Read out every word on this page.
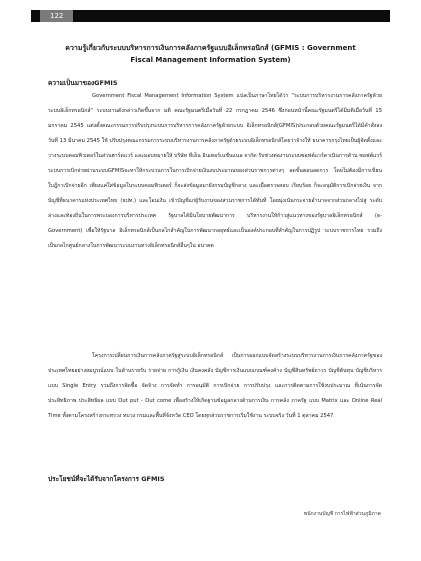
122
ความรู้เกี่ยวกับระบบบริหารการเงินการคลังภาครัฐแบบอิเล็กทรอนิกส์ (GFMIS : Government
Fiscal Management Information System)
ความเป็นมาของGFMIS
Government Fiscal Management Information System แปลเป็นภาษาไทยได้ว่า “ระบบการบริหารงานการคลังภาครัฐด้วยระบบอิเล็กทรอนิกส์” ระบบงานดังกล่าวเกิดขึ้นจาก มติ คณะรัฐมนตรีเมื่อวันที่ 22 กรกฎาคม 2546 ซึ่งก่อนหน้านี้คณะรัฐมนตรีได้มีมติเมื่อวันที่ 15 มกราคม 2545 แต่งตั้งคณะกรรมการปรับปรุงระบบการบริหารการคลังภาครัฐด้วยระบบ อิเล็กทรอนิกส์(GFMIS)ประกอบด้วยคณะรัฐมนตรีได้มีคำสั่งลงวันที่ 13 มีนาคม 2545 ให้ ปรับปรุงคณะกรรมการระบบบริหารงานการคลังภาครัฐด้วยระบบอิเล็กทรอนิกส์โดยว่าจ้างให้ ธนาคารกรุงไทยเป็นผู้จัดตั้งและวางระบบคอมพิวเตอร์ในส่วนฮาร์ดแวร์ และมอบหมายให้ บริษัท ทีเอ็น อินเตอร์เนชั่นแนล จากัด รับช่วงต่องานระบบซอฟต์แวร์ดาเนินการด้าน ซอฟต์แวร์ ระบบการเบิกจ่ายผ่านระบบGFMISจะทาให้กระบวนการในการเบิกจ่ายเงินงบประมาณของส่วนราชการต่างๆ ลดขั้นตอนลดการ โดยไม่ต้องมีการเขียนใบฎีกาเบิกจ่ายอีก เพียงแค่ใส่ข้อมูลในระบบคอมพิวเตอร์ ก็จะส่งข้อมูลมายังกรมบัญชีกลาง และเมื่อตรวจสอบ เรียบร้อย ก็จะอนุมัติการเบิกจ่ายเงิน จากบัญชีที่ธนาคารแห่งประเทศไทย (ธปท.) และโอนเงิน เข้าบัญชีแก่ผู้รับงานของส่วนราชการได้ทันที โดยมุ่งเน้นกระจายอำนาจจากส่วนกลางไปสู่ ระดับล่างและท้องถิ่นในการพระบองการบริหารประเทศ รัฐบาลได้มีนโยบายพัฒนาการ บริหารงานให้ก้าวสู่แนวทางของรัฐบาลอิเล็กทรอนิกส์ (e-Government) เพื่อให้รัฐบาล อิเล็กทรอนิกส์เป็นกลไกสำคัญในการพัฒนากลยุทธ์และเป็นองค์ประกอบที่สำคัญในการปฏิรูป ระบบราชการไทย รวมถึงเป็นกลไกศูนย์กลางในการพัฒนาระบบงานทางอิเล็กทรอนิกส์อื่นๆใน อนาคต
โครงการเปลี่ยนการเงินการคลังภาครัฐสู่ระบบอิเล็กทรอนิกส์ เป็นการออกแบบจัดสร้างระบบบริหารงานการเงินการคลังภาครัฐของประเทศไทยอย่างสมบูรณ์แบบ ในด้านรายรับ รายจ่าย การกู้เงิน เงินคงคลัง บัญชีการเงินแบบเกณฑ์คงค้าง บัญชีสินทรัพย์ถาวร บัญชีต้นทุน บัญชีบริหาร แบบ Single Entry รวมถึงการจัดซื้อ จัดจ้าง การจัดทำ การอนุมัติ การเบิกจ่าย การปรับปรุง และการติดตามการใช้งบประมาณ ที่เน้นการจัดประสิทธิภาพ ประสิทธิผล แบบ Out put - Out come เพื่อสร้างให้เกิดฐานข้อมูลกลางด้านการเงิน การคลัง ภาครัฐ แบบ Matrix และ Online Real Time ทั้งตามโครงสร้างกระทรวง ทบวง กรมและพื้นที่จังหวัด CEO โดยทุกส่วนราชการเริ่มใช้งาน ระบบจริง วันที่ 1 ตุลาคม 2547
ประโยชน์ที่จะได้รับจากโครงการ GFMIS
พนักงานบัญชี การไฟฟ้าส่วนภูมิภาค
